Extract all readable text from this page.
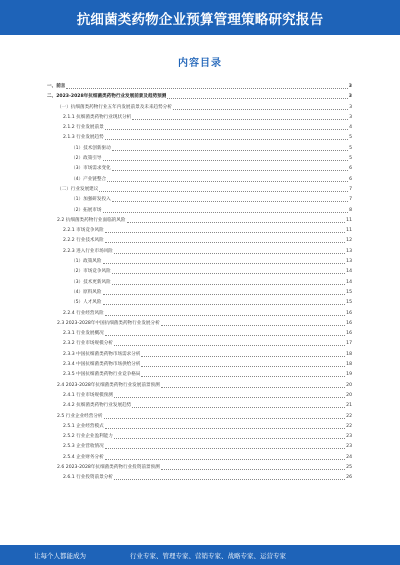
抗细菌类药物企业预算管理策略研究报告
内容目录
一、前言	3
二、2023-2028年抗细菌类药物行业发展前景及趋势预测	3
（一）抗细菌类药物行业五年内发展前景及未来趋势分析	3
2.1.1 抗细菌类药物行业现状分析	3
2.1.2 行业发展前景	4
2.1.3 行业发展趋势	5
（1）技术创新驱动	5
（2）政策引导	5
（3）市场需求变化	6
（4）产业链整合	6
（二）行业发展建议	7
（1）加强研发投入	7
（2）拓展市场	8
2.2 抗细菌类药物行业面临的风险	11
2.2.1 市场竞争风险	11
2.2.2 行业技术风险	12
2.2.3 进入行业市场风险	13
（1）政策风险	13
（2）市场竞争风险	14
（3）技术更新风险	14
（4）原料风险	15
（5）人才风险	15
2.2.4 行业经营风险	16
2.3 2023-2028年中国抗细菌类药物行业发展分析	16
2.3.1 行业发展概况	16
2.3.2 行业市场规模分析	17
2.3.3 中国抗细菌类药物市场需求分析	18
2.3.4 中国抗细菌类药物市场供给分析	18
2.3.5 中国抗细菌类药物行业竞争格局	19
2.4 2023-2028年抗细菌类药物行业发展前景预测	20
2.4.1 行业市场规模预测	20
2.4.2 抗细菌类药物行业发展趋势	21
2.5 行业企业经营分析	22
2.5.1 企业经营模式	22
2.5.2 行业企业盈利能力	23
2.5.3 企业营收情况	23
2.5.4 企业财务分析	24
2.6 2023-2028年抗细菌类药物行业投资前景预测	25
2.6.1 行业投资前景分析	26
让每个人都能成为	行业专家、管理专家、营销专家、战略专家、运营专家
